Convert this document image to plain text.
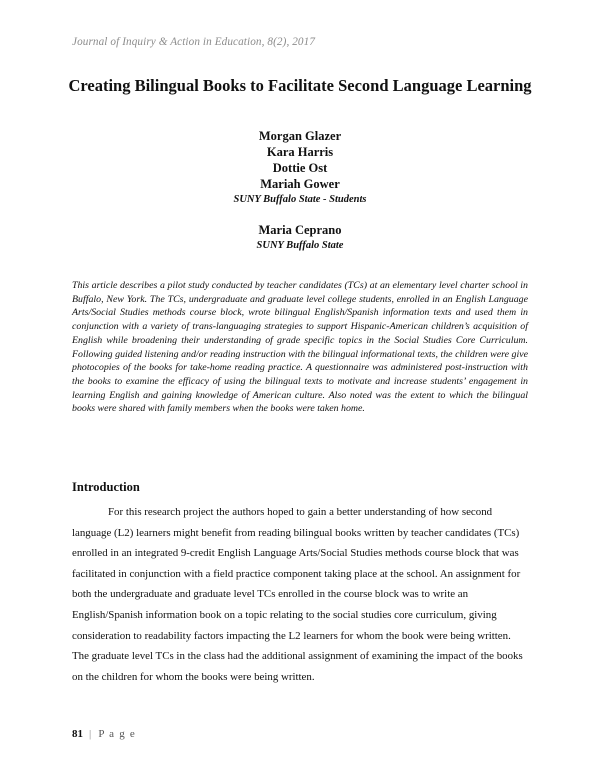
Journal of Inquiry & Action in Education, 8(2), 2017
Creating Bilingual Books to Facilitate Second Language Learning
Morgan Glazer
Kara Harris
Dottie Ost
Mariah Gower
SUNY Buffalo State - Students
Maria Ceprano
SUNY Buffalo State

This article describes a pilot study conducted by teacher candidates (TCs) at an elementary level charter school in Buffalo, New York. The TCs, undergraduate and graduate level college students, enrolled in an English Language Arts/Social Studies methods course block, wrote bilingual English/Spanish information texts and used them in conjunction with a variety of trans-languaging strategies to support Hispanic-American children’s acquisition of English while broadening their understanding of grade specific topics in the Social Studies Core Curriculum. Following guided listening and/or reading instruction with the bilingual informational texts, the children were give photocopies of the books for take-home reading practice. A questionnaire was administered post-instruction with the books to examine the efficacy of using the bilingual texts to motivate and increase students’ engagement in learning English and gaining knowledge of American culture. Also noted was the extent to which the bilingual books were shared with family members when the books were taken home.

Introduction

For this research project the authors hoped to gain a better understanding of how second language (L2) learners might benefit from reading bilingual books written by teacher candidates (TCs) enrolled in an integrated 9-credit English Language Arts/Social Studies methods course block that was facilitated in conjunction with a field practice component taking place at the school. An assignment for both the undergraduate and graduate level TCs enrolled in the course block was to write an English/Spanish information book on a topic relating to the social studies core curriculum, giving consideration to readability factors impacting the L2 learners for whom the book were being written. The graduate level TCs in the class had the additional assignment of examining the impact of the books on the children for whom the books were being written.

81 | P a g e
